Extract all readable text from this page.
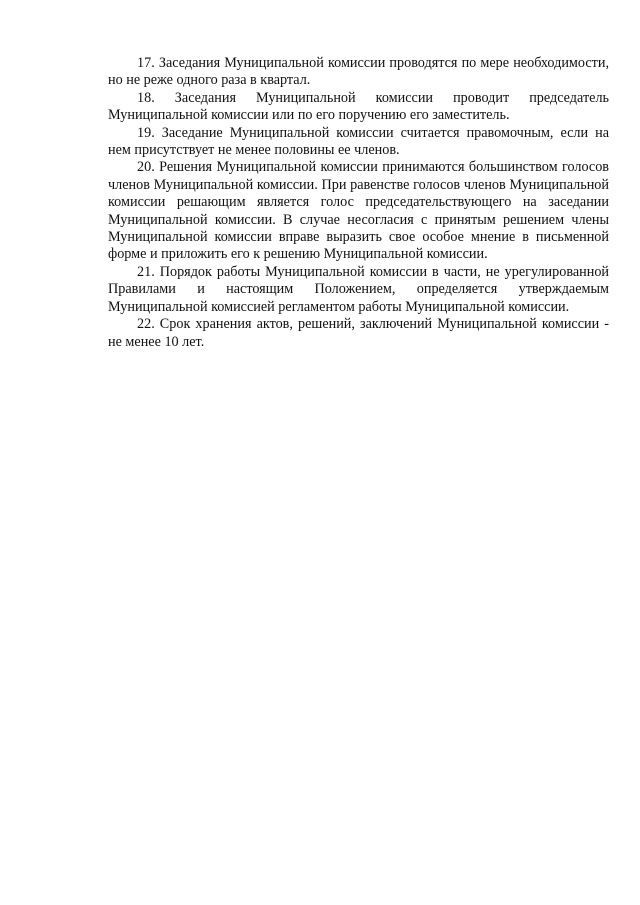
17. Заседания Муниципальной комиссии проводятся по мере необходимости, но не реже одного раза в квартал.

18. Заседания Муниципальной комиссии проводит председатель Муниципальной комиссии или по его поручению его заместитель.

19. Заседание Муниципальной комиссии считается правомочным, если на нем присутствует не менее половины ее членов.

20. Решения Муниципальной комиссии принимаются большинством голосов членов Муниципальной комиссии. При равенстве голосов членов Муниципальной комиссии решающим является голос председательствующего на заседании Муниципальной комиссии. В случае несогласия с принятым решением члены Муниципальной комиссии вправе выразить свое особое мнение в письменной форме и приложить его к решению Муниципальной комиссии.

21. Порядок работы Муниципальной комиссии в части, не урегулированной Правилами и настоящим Положением, определяется утверждаемым Муниципальной комиссией регламентом работы Муниципальной комиссии.

22. Срок хранения актов, решений, заключений Муниципальной комиссии - не менее 10 лет.
